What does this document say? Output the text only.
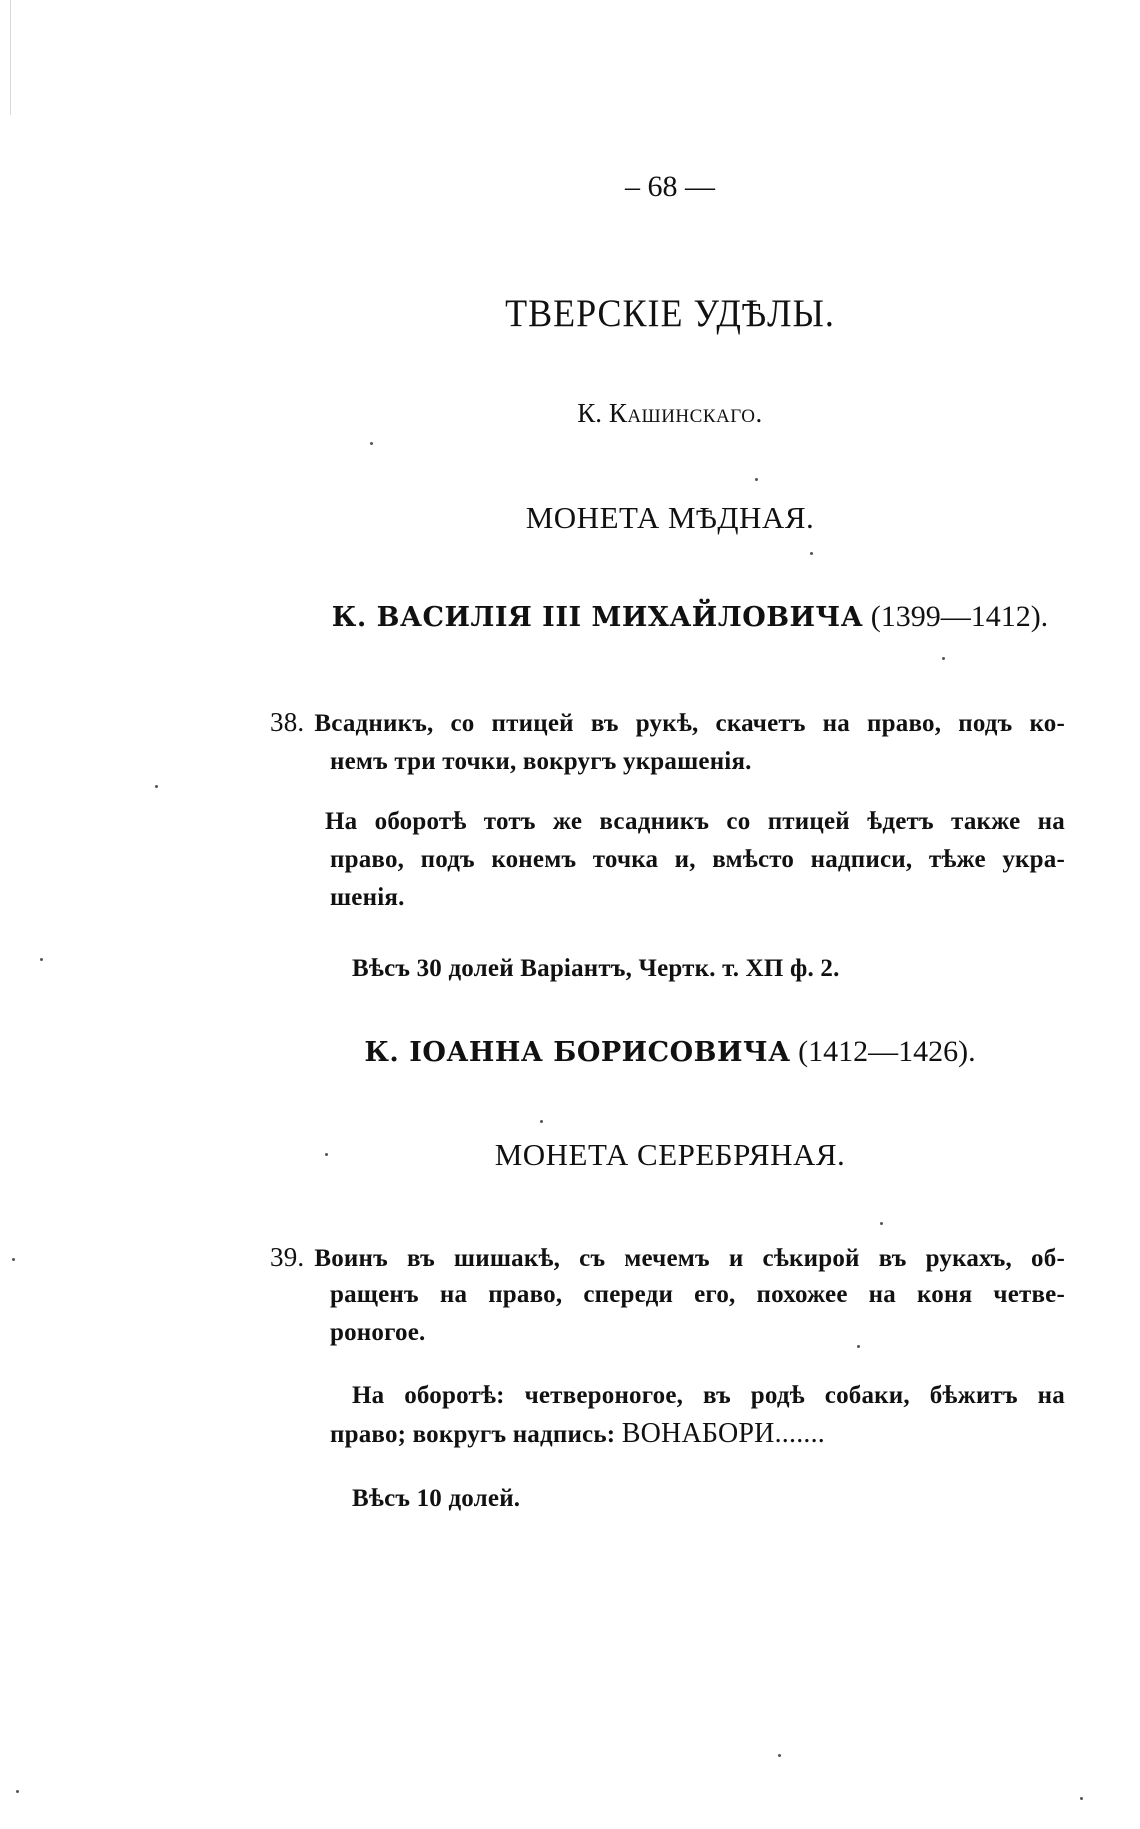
– 68 —
ТВЕРСКІЕ УДѢЛЫ.
К. Кашинскаго.
МОНЕТА МѢДНАЯ.
К. ВАСИЛІЯ III МИХАЙЛОВИЧА (1399—1412).
38. Всадникъ, со птицей въ рукѣ, скачетъ на право, подъ ко-
немъ три точки, вокругъ украшенія.
На оборотѣ тотъ же всадникъ со птицей ѣдетъ также на
право, подъ конемъ точка и, вмѣсто надписи, тѣже укра-
шенія.
Вѣсъ 30 долей Варіантъ, Чертк. т. ХП ф. 2.
К. ІОАННА БОРИСОВИЧА (1412—1426).
МОНЕТА СЕРЕБРЯНАЯ.
39. Воинъ въ шишакѣ, съ мечемъ и сѣкирой въ рукахъ, об-
ращенъ на право, спереди его, похожее на коня четве-
роногое.
На оборотѣ: четвероногое, въ родѣ собаки, бѣжитъ на
право; вокругъ надпись: ВОНАБОРИ.......
Вѣсъ 10 долей.
